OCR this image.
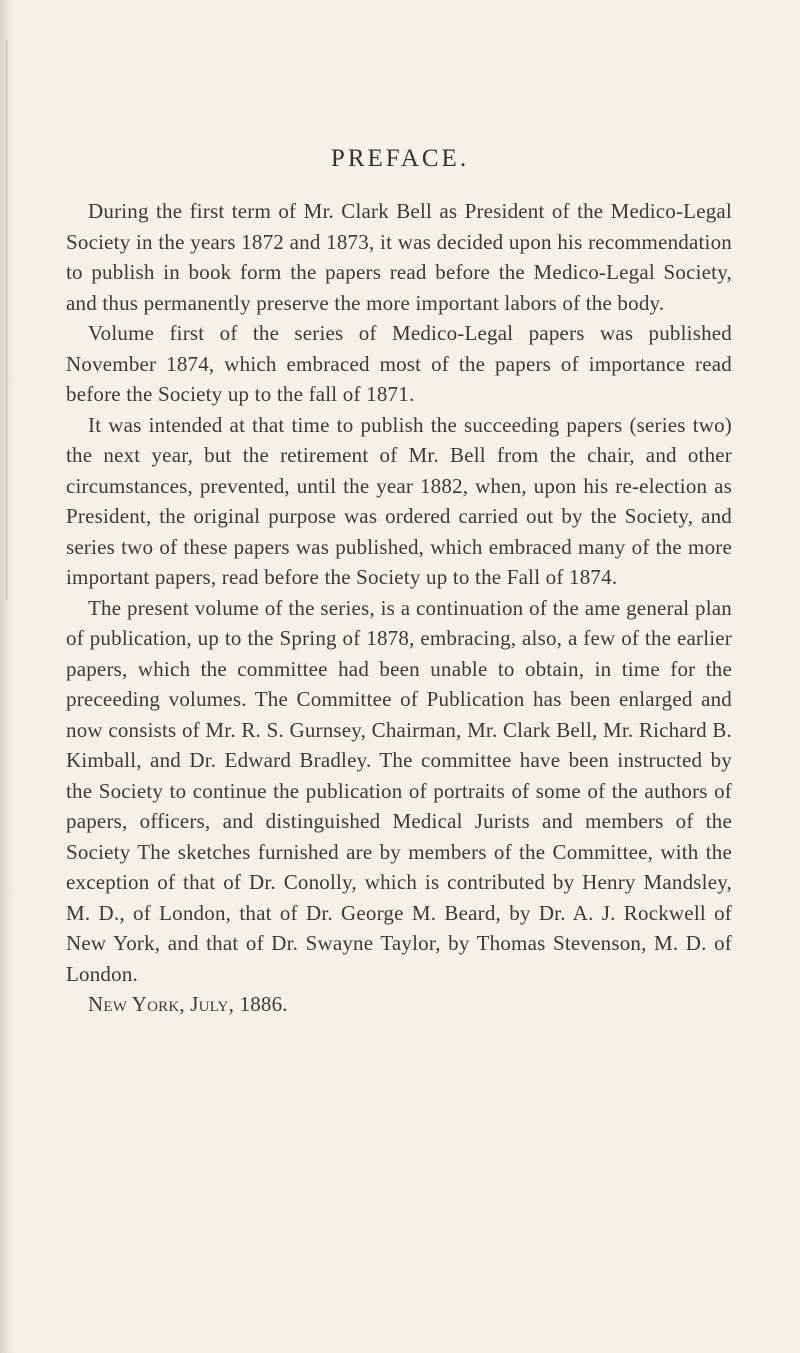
PREFACE.

During the first term of Mr. Clark Bell as President of the Medico-Legal Society in the years 1872 and 1873, it was decided upon his recommendation to publish in book form the papers read before the Medico-Legal Society, and thus permanently preserve the more important labors of the body.

Volume first of the series of Medico-Legal papers was published November 1874, which embraced most of the papers of importance read before the Society up to the fall of 1871.

It was intended at that time to publish the succeeding papers (series two) the next year, but the retirement of Mr. Bell from the chair, and other circumstances, prevented, until the year 1882, when, upon his re-election as President, the original purpose was ordered carried out by the Society, and series two of these papers was published, which embraced many of the more important papers, read before the Society up to the Fall of 1874.

The present volume of the series, is a continuation of the ame general plan of publication, up to the Spring of 1878, embracing, also, a few of the earlier papers, which the committee had been unable to obtain, in time for the preceeding volumes. The Committee of Publication has been enlarged and now consists of Mr. R. S. Gurnsey, Chairman, Mr. Clark Bell, Mr. Richard B. Kimball, and Dr. Edward Bradley. The committee have been instructed by the Society to continue the publication of portraits of some of the authors of papers, officers, and distinguished Medical Jurists and members of the Society The sketches furnished are by members of the Committee, with the exception of that of Dr. Conolly, which is contributed by Henry Mandsley, M. D., of London, that of Dr. George M. Beard, by Dr. A. J. Rockwell of New York, and that of Dr. Swayne Taylor, by Thomas Stevenson, M. D. of London.

New York, July, 1886.
